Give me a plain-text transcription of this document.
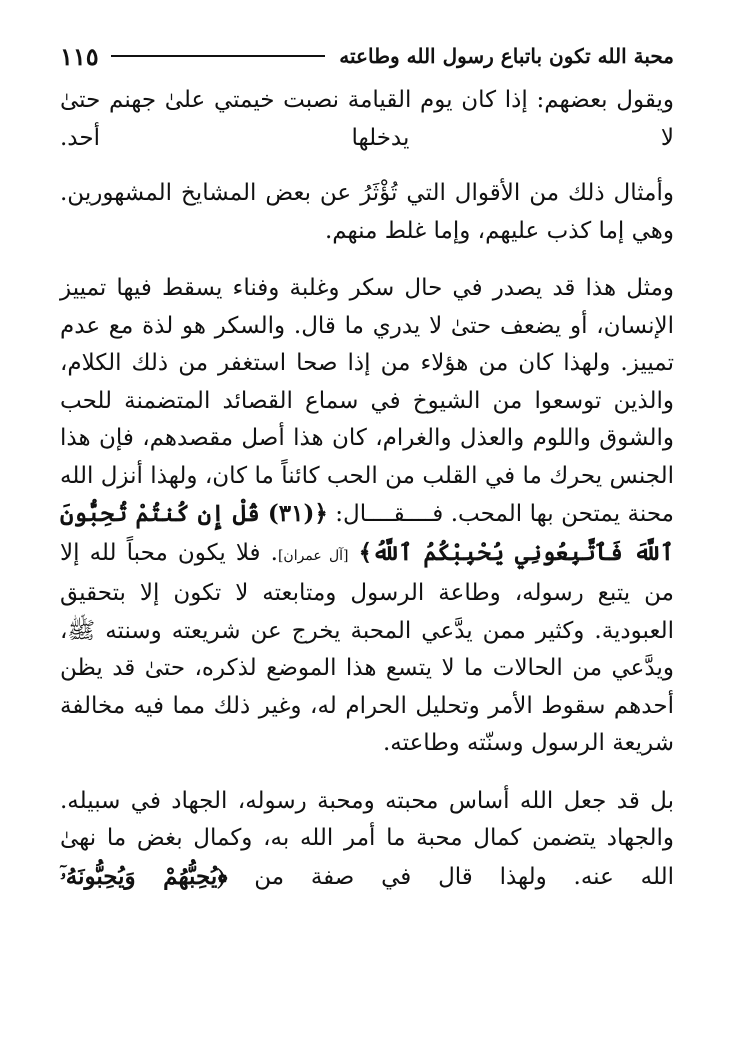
محبة الله تكون باتباع رسول الله وطاعته
١١٥

ويقول بعضهم: إذا كان يوم القيامة نصبت خيمتي علىٰ جهنم حتىٰ لا يدخلها أحد.

وأمثال ذلك من الأقوال التي تُؤْثَرُ عن بعض المشايخ المشهورين. وهي إما كذب عليهم، وإما غلط منهم.

ومثل هذا قد يصدر في حال سكر وغلبة وفناء يسقط فيها تمييز الإنسان، أو يضعف حتىٰ لا يدري ما قال. والسكر هو لذة مع عدم تمييز. ولهذا كان من هؤلاء من إذا صحا استغفر من ذلك الكلام، والذين توسعوا من الشيوخ في سماع القصائد المتضمنة للحب والشوق واللوم والعذل والغرام، كان هذا أصل مقصدهم، فإن هذا الجنس يحرك ما في القلب من الحب كائناً ما كان، ولهذا أنزل الله محنة يمتحن بها المحب. فــــقــــال: ﴿(٣١) قُلْ إِن كُنتُمْ تُحِبُّونَ ٱللَّهَ فَٱتَّبِعُونِي يُحْبِبْكُمُ ٱللَّهُ﴾ [آل عمران]. فلا يكون محباً لله إلا من يتبع رسوله، وطاعة الرسول ومتابعته لا تكون إلا بتحقيق العبودية. وكثير ممن يدَّعي المحبة يخرج عن شريعته وسنته ﷺ، ويدَّعي من الحالات ما لا يتسع هذا الموضع لذكره، حتىٰ قد يظن أحدهم سقوط الأمر وتحليل الحرام له، وغير ذلك مما فيه مخالفة شريعة الرسول وسنّته وطاعته.

بل قد جعل الله أساس محبته ومحبة رسوله، الجهاد في سبيله. والجهاد يتضمن كمال محبة ما أمر الله به، وكمال بغض ما نهىٰ الله عنه. ولهذا قال في صفة من ﴿يُحِبُّهُمْ وَيُحِبُّونَهُۥٓ
